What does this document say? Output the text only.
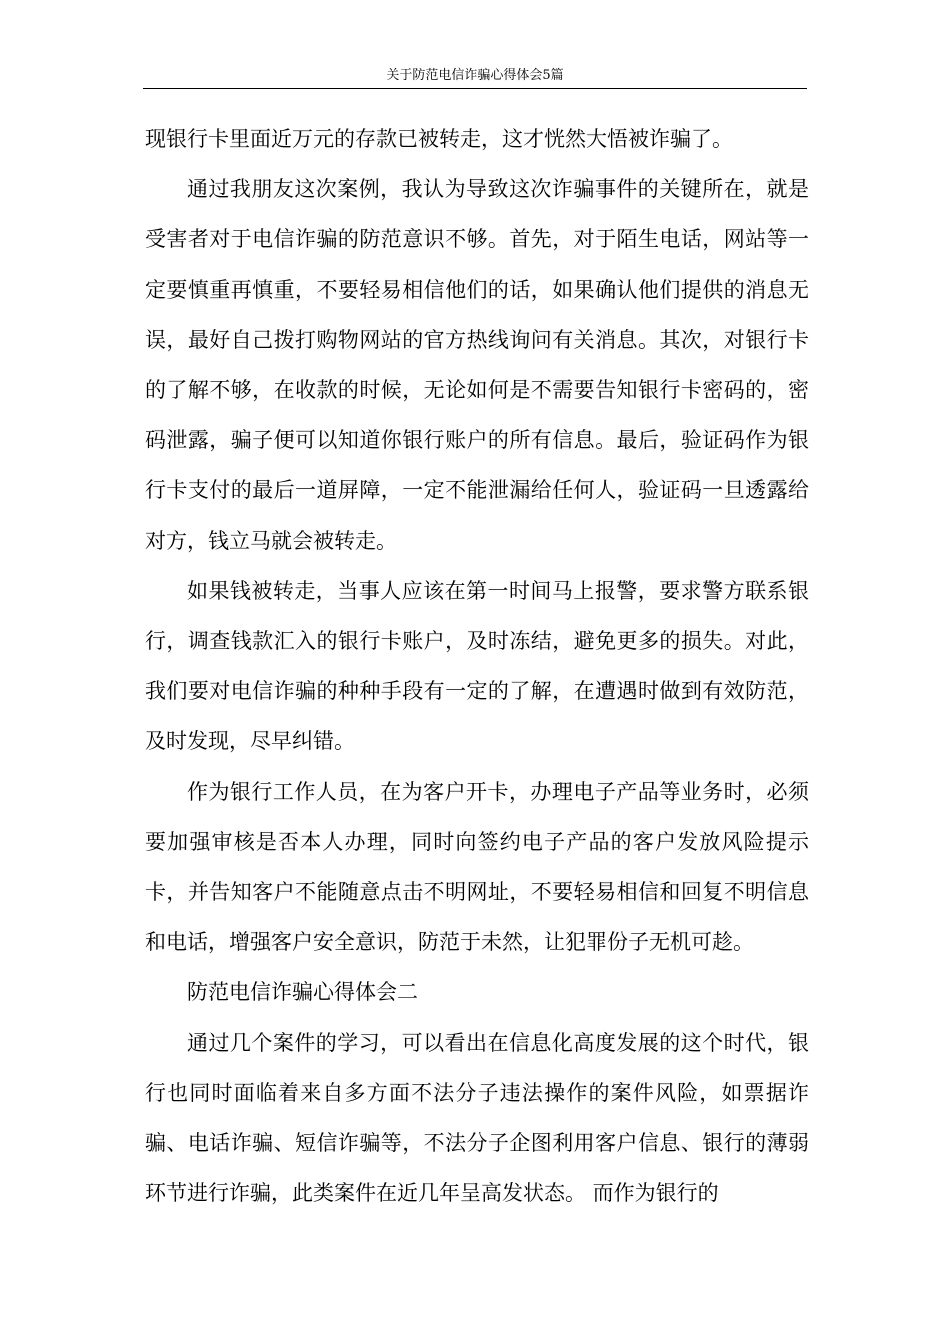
关于防范电信诈骗心得体会5篇

现银行卡里面近万元的存款已被转走，这才恍然大悟被诈骗了。

通过我朋友这次案例，我认为导致这次诈骗事件的关键所在，就是受害者对于电信诈骗的防范意识不够。首先，对于陌生电话，网站等一定要慎重再慎重，不要轻易相信他们的话，如果确认他们提供的消息无误，最好自己拨打购物网站的官方热线询问有关消息。其次，对银行卡的了解不够，在收款的时候，无论如何是不需要告知银行卡密码的，密码泄露，骗子便可以知道你银行账户的所有信息。最后，验证码作为银行卡支付的最后一道屏障，一定不能泄漏给任何人，验证码一旦透露给对方，钱立马就会被转走。

如果钱被转走，当事人应该在第一时间马上报警，要求警方联系银行，调查钱款汇入的银行卡账户，及时冻结，避免更多的损失。对此，我们要对电信诈骗的种种手段有一定的了解，在遭遇时做到有效防范，及时发现，尽早纠错。

作为银行工作人员，在为客户开卡，办理电子产品等业务时，必须要加强审核是否本人办理，同时向签约电子产品的客户发放风险提示卡，并告知客户不能随意点击不明网址，不要轻易相信和回复不明信息和电话，增强客户安全意识，防范于未然，让犯罪份子无机可趁。

防范电信诈骗心得体会二

通过几个案件的学习，可以看出在信息化高度发展的这个时代，银行也同时面临着来自多方面不法分子违法操作的案件风险，如票据诈骗、电话诈骗、短信诈骗等，不法分子企图利用客户信息、银行的薄弱环节进行诈骗，此类案件在近几年呈高发状态。 而作为银行的
